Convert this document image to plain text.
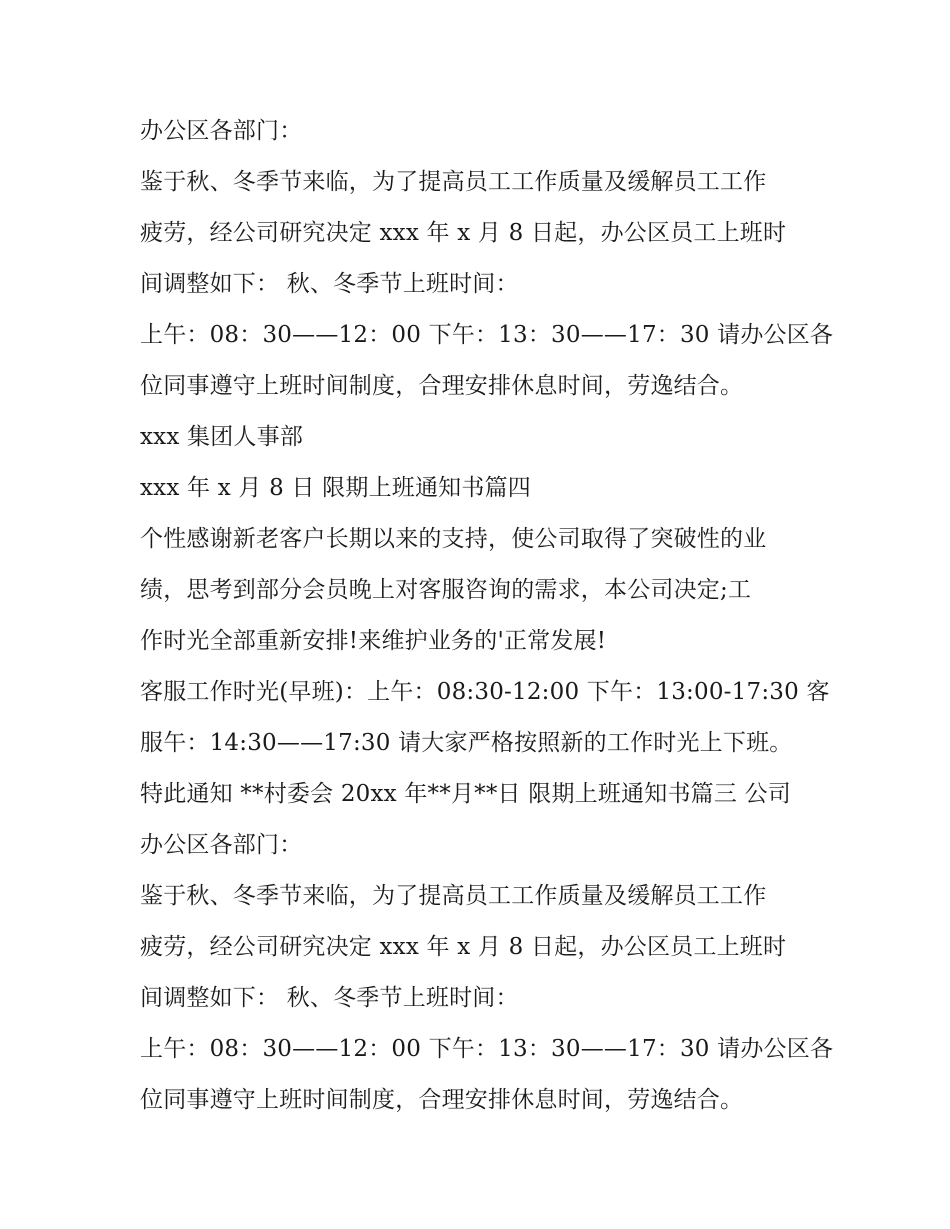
办公区各部门：
鉴于秋、冬季节来临，为了提高员工工作质量及缓解员工工作
疲劳，经公司研究决定 xxx 年 x 月 8 日起，办公区员工上班时
间调整如下： 秋、冬季节上班时间：
上午：08：30——12：00 下午：13：30——17：30 请办公区各
位同事遵守上班时间制度，合理安排休息时间，劳逸结合。
xxx 集团人事部
xxx 年 x 月 8 日 限期上班通知书篇四
个性感谢新老客户长期以来的支持，使公司取得了突破性的业
绩，思考到部分会员晚上对客服咨询的需求，本公司决定;工
作时光全部重新安排!来维护业务的'正常发展!
客服工作时光(早班)：上午：08:30-12:00 下午：13:00-17:30 客
服午：14:30——17:30 请大家严格按照新的工作时光上下班。
特此通知 **村委会 20xx 年**月**日 限期上班通知书篇三 公司
办公区各部门：
鉴于秋、冬季节来临，为了提高员工工作质量及缓解员工工作
疲劳，经公司研究决定 xxx 年 x 月 8 日起，办公区员工上班时
间调整如下： 秋、冬季节上班时间：
上午：08：30——12：00 下午：13：30——17：30 请办公区各
位同事遵守上班时间制度，合理安排休息时间，劳逸结合。
